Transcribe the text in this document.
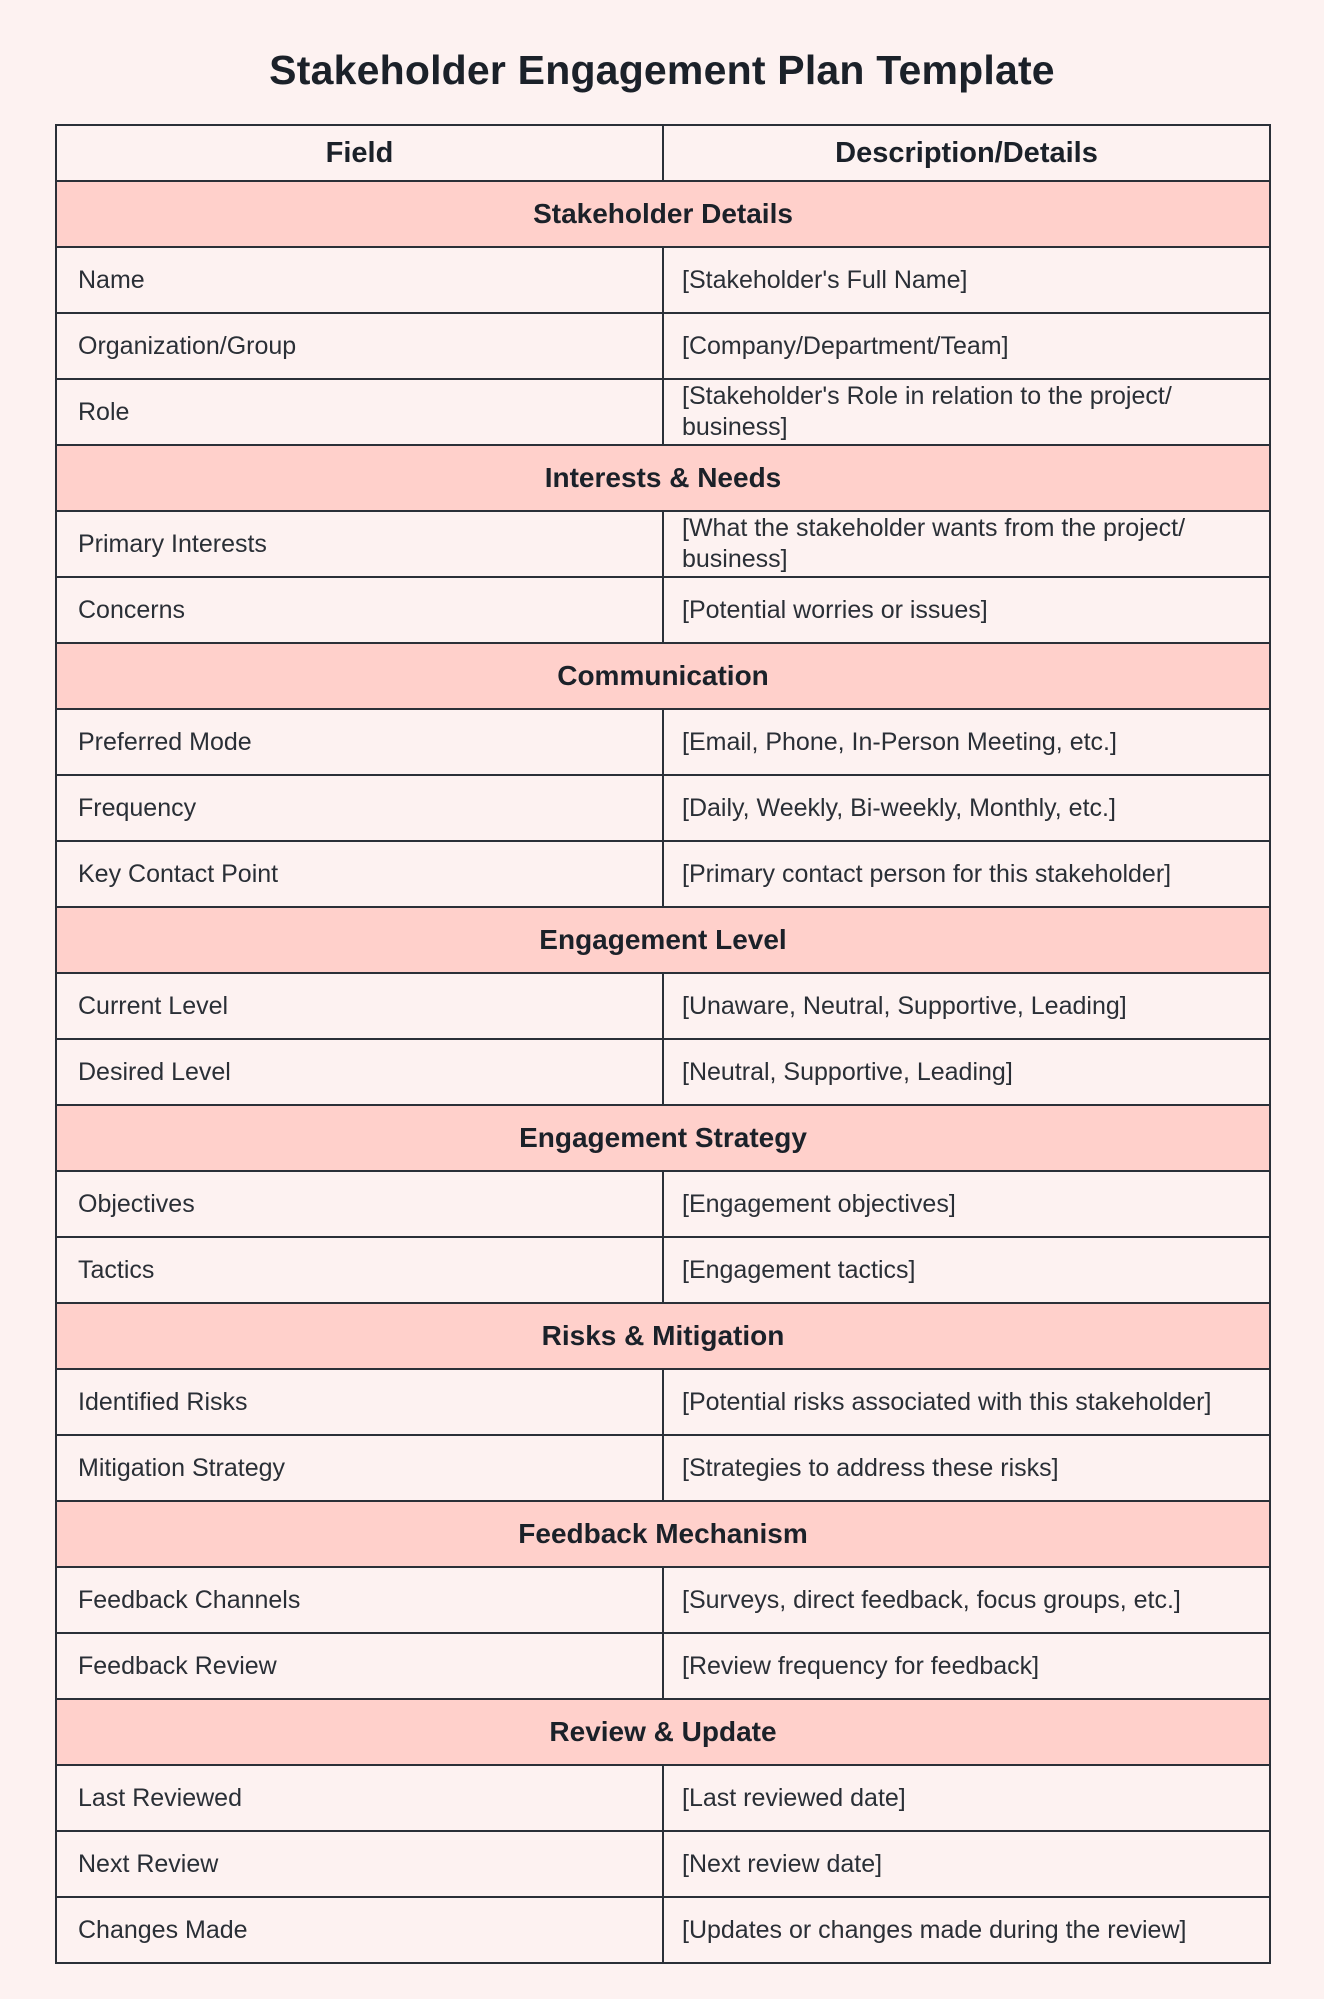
Stakeholder Engagement Plan Template
Field	Description/Details
Stakeholder Details	
Name	[Stakeholder's Full Name]
Organization/Group	[Company/Department/Team]
Role	[Stakeholder's Role in relation to the project/ business]
Interests & Needs	
Primary Interests	[What the stakeholder wants from the project/ business]
Concerns	[Potential worries or issues]
Communication	
Preferred Mode	[Email, Phone, In-Person Meeting, etc.]
Frequency	[Daily, Weekly, Bi-weekly, Monthly, etc.]
Key Contact Point	[Primary contact person for this stakeholder]
Engagement Level	
Current Level	[Unaware, Neutral, Supportive, Leading]
Desired Level	[Neutral, Supportive, Leading]
Engagement Strategy	
Objectives	[Engagement objectives]
Tactics	[Engagement tactics]
Risks & Mitigation	
Identified Risks	[Potential risks associated with this stakeholder]
Mitigation Strategy	[Strategies to address these risks]
Feedback Mechanism	
Feedback Channels	[Surveys, direct feedback, focus groups, etc.]
Feedback Review	[Review frequency for feedback]
Review & Update	
Last Reviewed	[Last reviewed date]
Next Review	[Next review date]
Changes Made	[Updates or changes made during the review]
